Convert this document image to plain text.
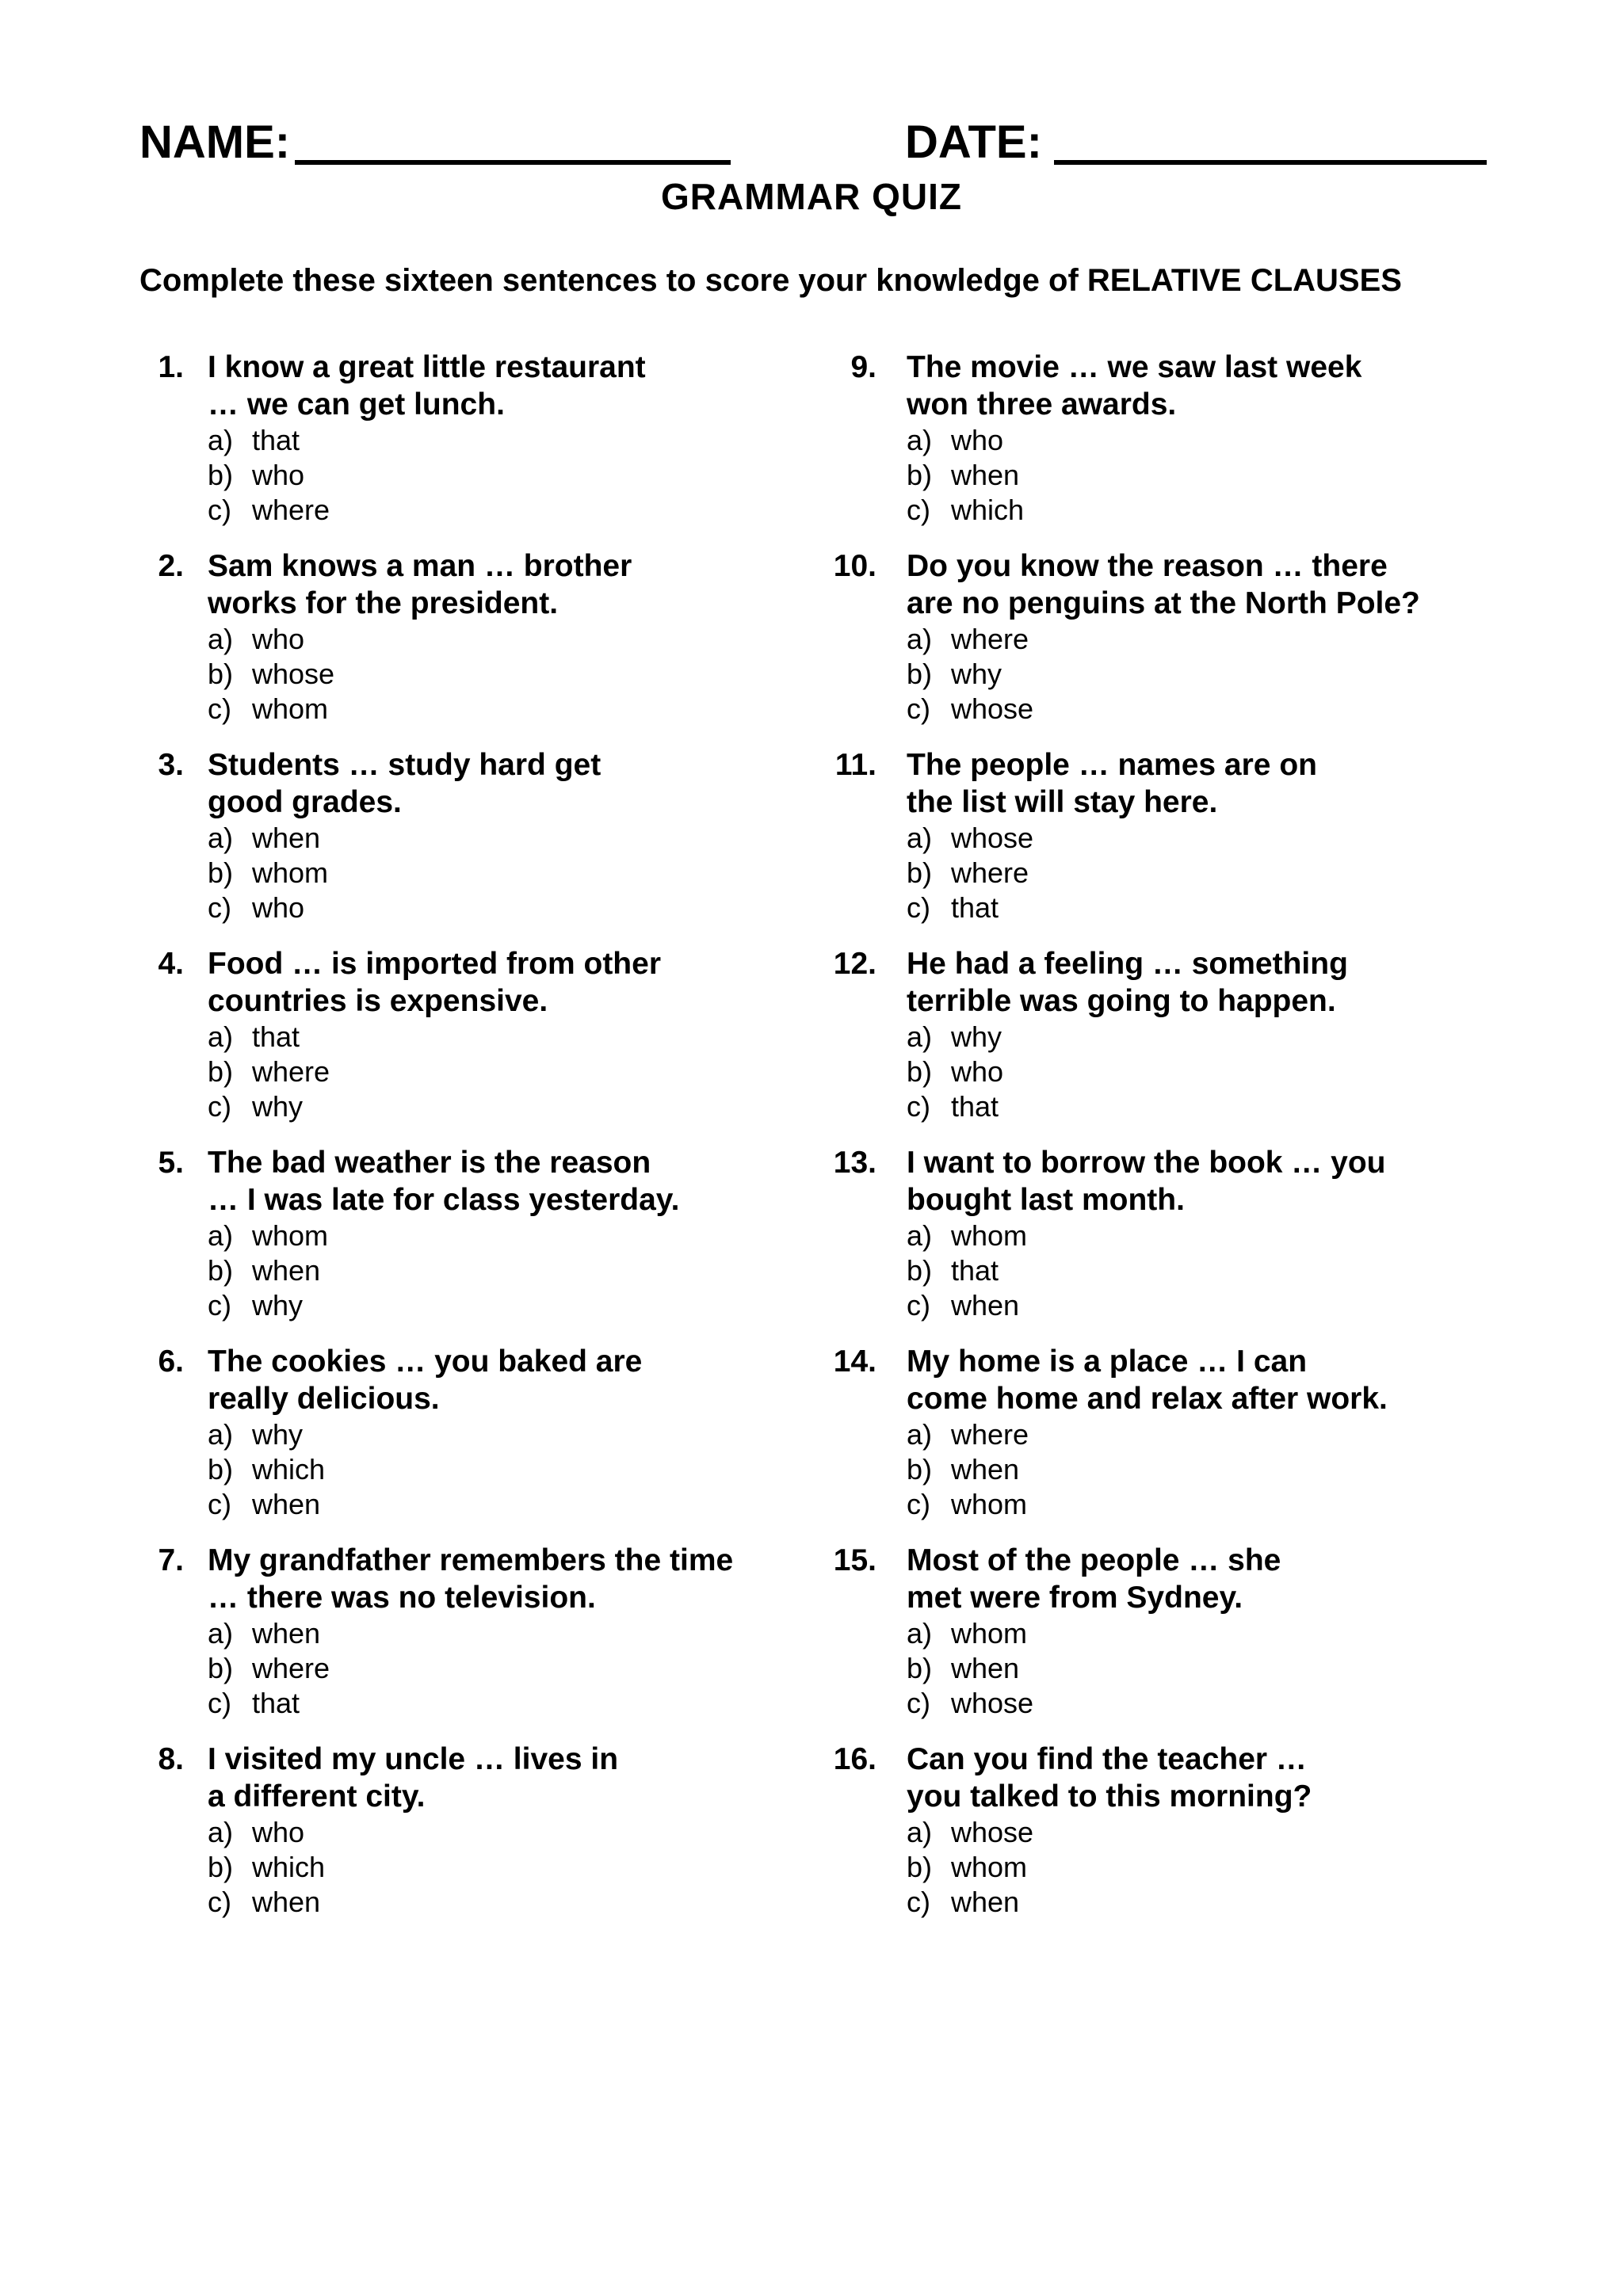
NAME:	DATE:
GRAMMAR QUIZ
Complete these sixteen sentences to score your knowledge of RELATIVE CLAUSES
1. I know a great little restaurant
… we can get lunch.
a) that
b) who
c) where
2. Sam knows a man … brother
works for the president.
a) who
b) whose
c) whom
3. Students … study hard get
good grades.
a) when
b) whom
c) who
4. Food … is imported from other
countries is expensive.
a) that
b) where
c) why
5. The bad weather is the reason
… I was late for class yesterday.
a) whom
b) when
c) why
6. The cookies … you baked are
really delicious.
a) why
b) which
c) when
7. My grandfather remembers the time
… there was no television.
a) when
b) where
c) that
8. I visited my uncle … lives in
a different city.
a) who
b) which
c) when
9. The movie … we saw last week
won three awards.
a) who
b) when
c) which
10. Do you know the reason … there
are no penguins at the North Pole?
a) where
b) why
c) whose
11. The people … names are on
the list will stay here.
a) whose
b) where
c) that
12. He had a feeling … something
terrible was going to happen.
a) why
b) who
c) that
13. I want to borrow the book … you
bought last month.
a) whom
b) that
c) when
14. My home is a place … I can
come home and relax after work.
a) where
b) when
c) whom
15. Most of the people … she
met were from Sydney.
a) whom
b) when
c) whose
16. Can you find the teacher …
you talked to this morning?
a) whose
b) whom
c) when
